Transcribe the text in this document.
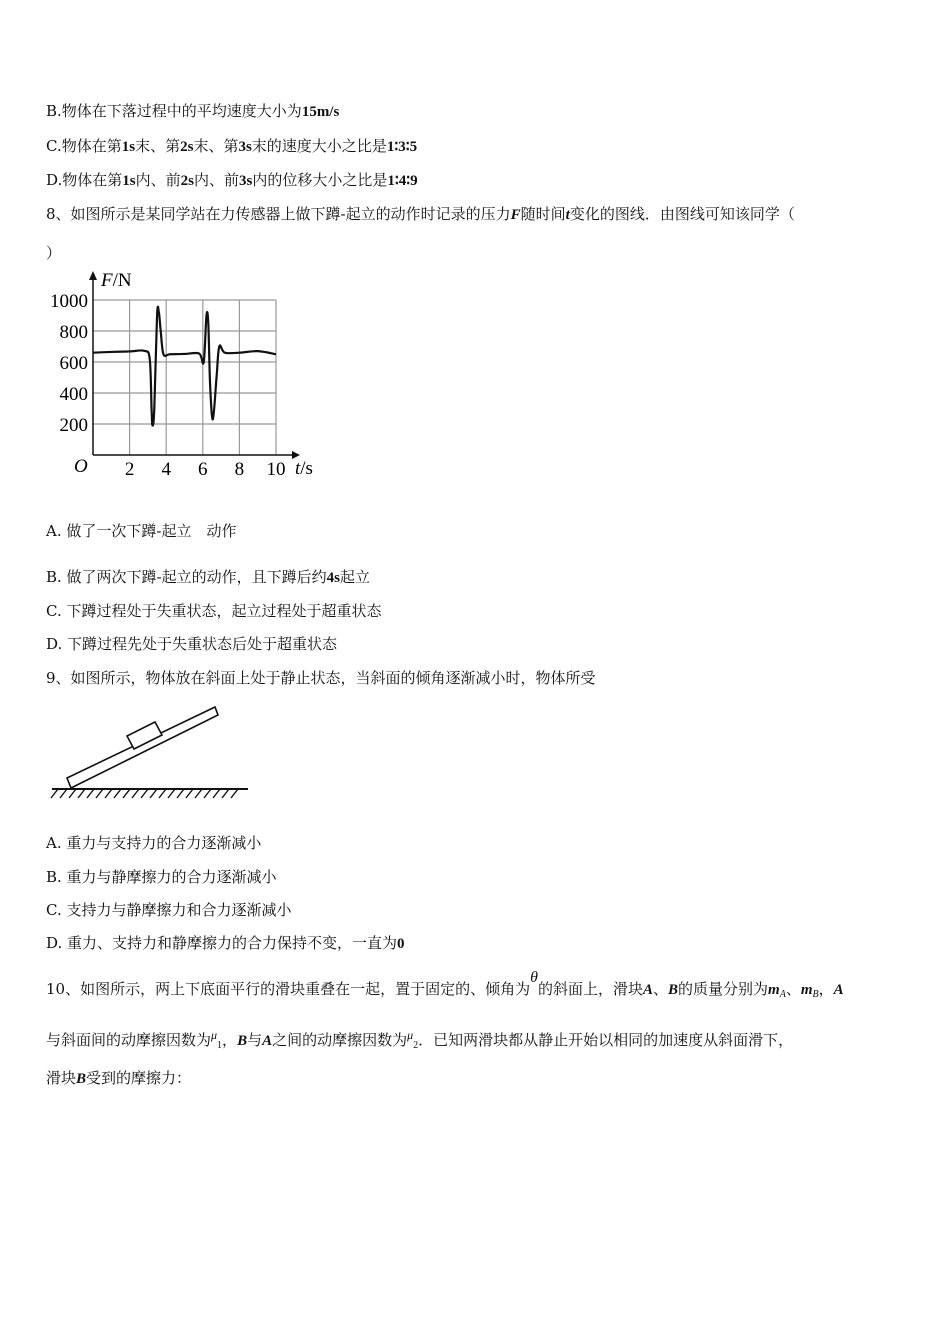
B.物体在下落过程中的平均速度大小为15m/s
C.物体在第1s末、第2s末、第3s末的速度大小之比是1∶3∶5
D.物体在第1s内、前2s内、前3s内的位移大小之比是1∶4∶9
8、如图所示是某同学站在力传感器上做下蹲-起立的动作时记录的压力F随时间t变化的图线．由图线可知该同学（
）
2 4 6 8 10
200
400
600
800
1000
F/N
t/s
O
A. 做了一次下蹲-起立　动作
B. 做了两次下蹲-起立的动作，且下蹲后约4s起立
C. 下蹲过程处于失重状态，起立过程处于超重状态
D. 下蹲过程先处于失重状态后处于超重状态
9、如图所示，物体放在斜面上处于静止状态，当斜面的倾角逐渐减小时，物体所受
A. 重力与支持力的合力逐渐减小
B. 重力与静摩擦力的合力逐渐减小
C. 支持力与静摩擦力和合力逐渐减小
D. 重力、支持力和静摩擦力的合力保持不变，一直为0
10、如图所示，两上下底面平行的滑块重叠在一起，置于固定的、倾角为θ的斜面上，滑块A、B的质量分别为$m_A$、$m_B$，A
与斜面间的动摩擦因数为$^\mu_1$，B与A之间的动摩擦因数为$^\mu_2$．已知两滑块都从静止开始以相同的加速度从斜面滑下，
滑块B受到的摩擦力：
